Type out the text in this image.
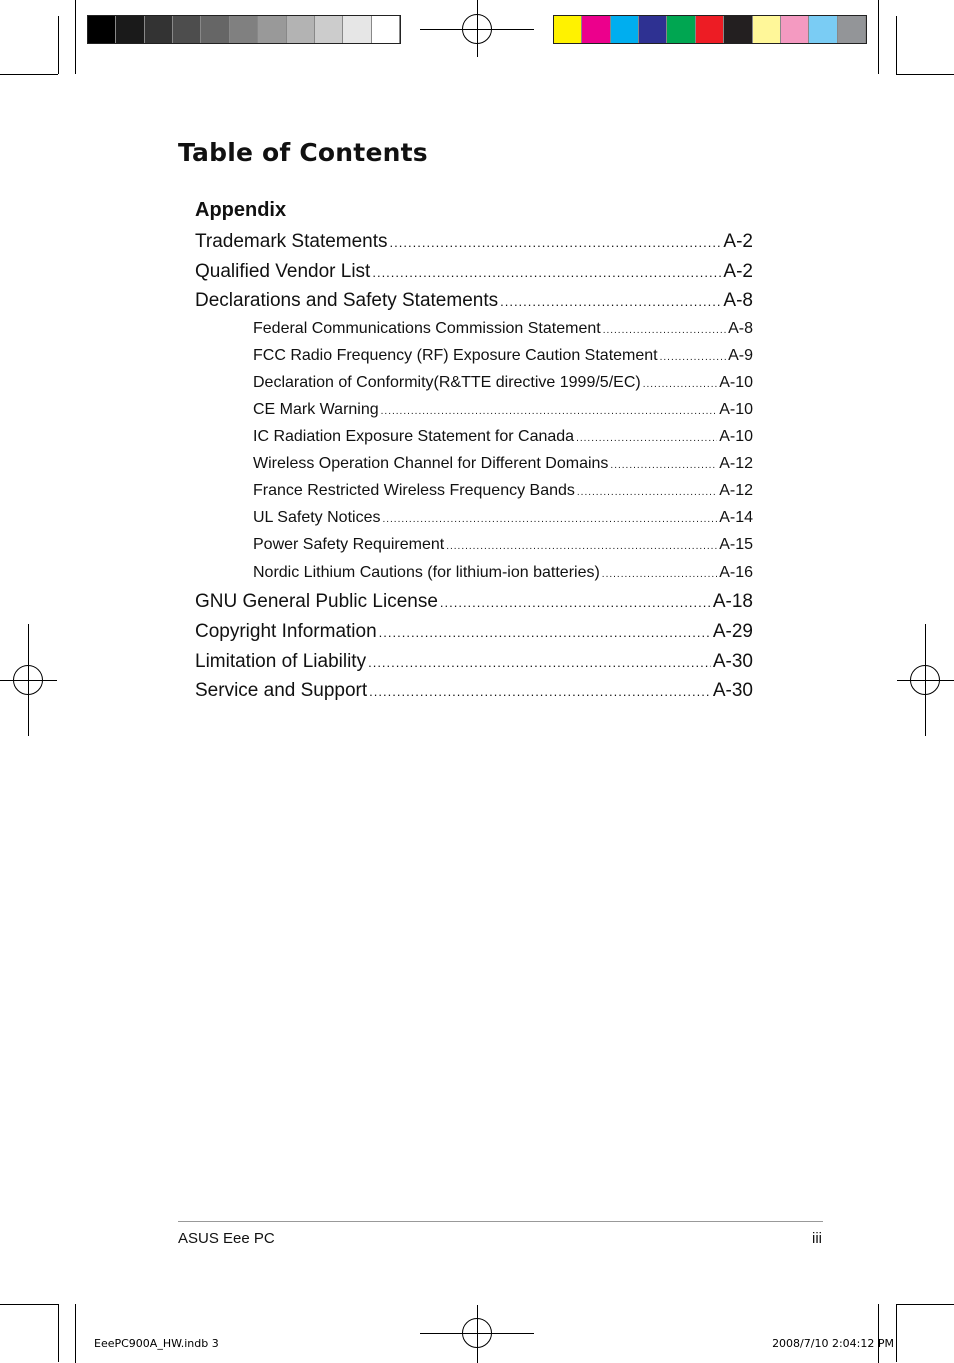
Table of Contents
Appendix
Trademark Statements .....	A-2
Qualified Vendor List .....	A-2
Declarations and Safety Statements .....	A-8
Federal Communications Commission Statement .....	A-8
FCC Radio Frequency (RF) Exposure Caution Statement .....	A-9
Declaration of Conformity(R&TTE directive 1999/5/EC) .....	A-10
CE Mark Warning .....	A-10
IC Radiation Exposure Statement for Canada .....	A-10
Wireless Operation Channel for Different Domains .....	A-12
France Restricted Wireless Frequency Bands .....	A-12
UL Safety Notices .....	A-14
Power Safety Requirement .....	A-15
Nordic Lithium Cautions (for lithium-ion batteries) .....	A-16
GNU General Public License .....	A-18
Copyright Information .....	A-29
Limitation of Liability .....	A-30
Service and Support .....	A-30
ASUS Eee PC	iii
EeePC900A_HW.indb 3	2008/7/10 2:04:12 PM
